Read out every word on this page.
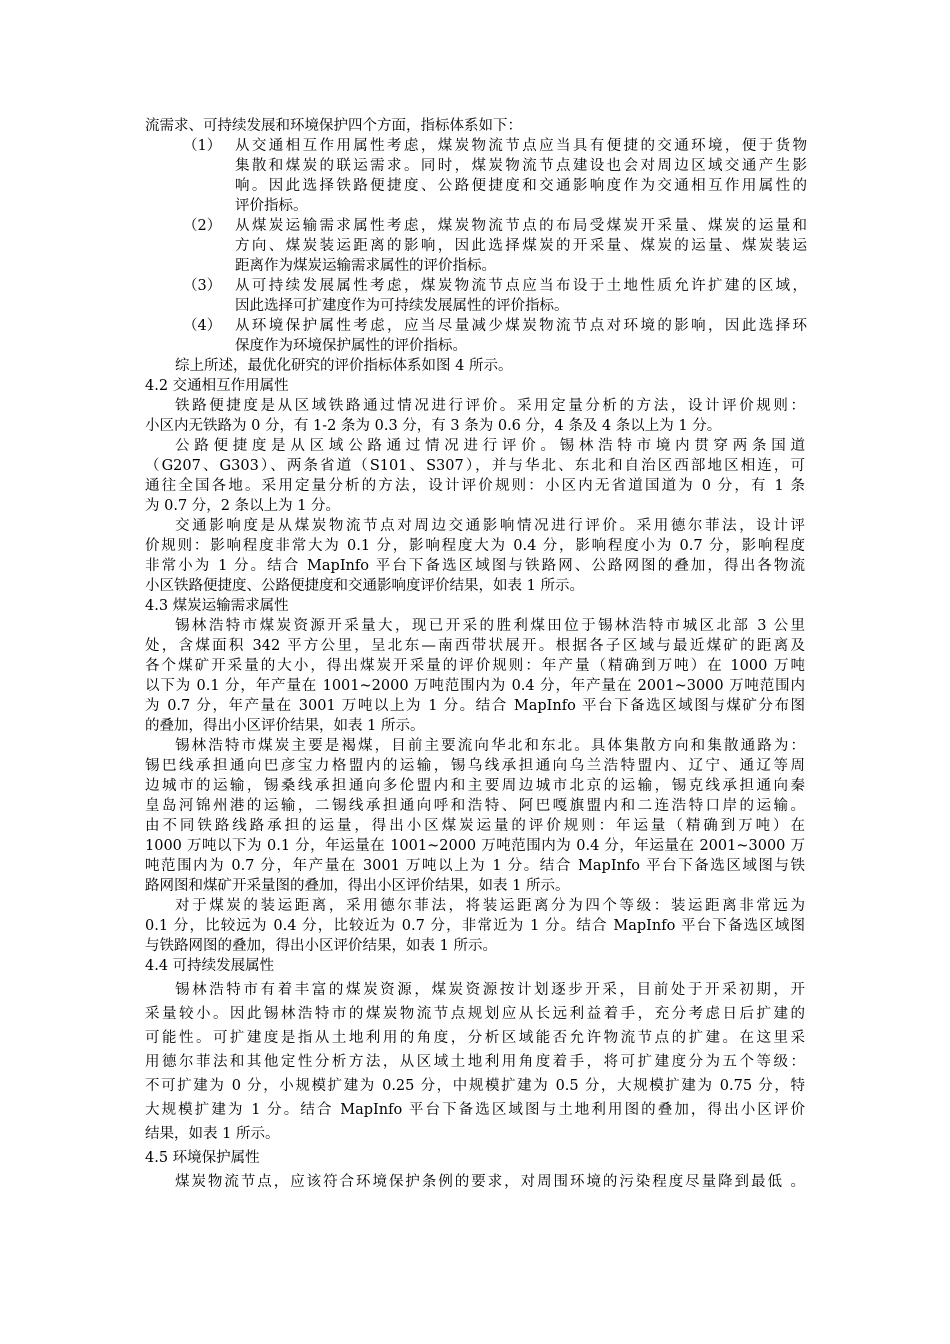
流需求、可持续发展和环境保护四个方面，指标体系如下：
从交通相互作用属性考虑，煤炭物流节点应当具有便捷的交通环境，便于货物
集散和煤炭的联运需求。同时，煤炭物流节点建设也会对周边区域交通产生影
响。因此选择铁路便捷度、公路便捷度和交通影响度作为交通相互作用属性的
评价指标。
从煤炭运输需求属性考虑，煤炭物流节点的布局受煤炭开采量、煤炭的运量和
方向、煤炭装运距离的影响，因此选择煤炭的开采量、煤炭的运量、煤炭装运
距离作为煤炭运输需求属性的评价指标。
从可持续发展属性考虑，煤炭物流节点应当布设于土地性质允许扩建的区域，
因此选择可扩建度作为可持续发展属性的评价指标。
从环境保护属性考虑，应当尽量减少煤炭物流节点对环境的影响，因此选择环
保度作为环境保护属性的评价指标。
综上所述，最优化研究的评价指标体系如图 4 所示。
4.2 交通相互作用属性
铁路便捷度是从区域铁路通过情况进行评价。采用定量分析的方法，设计评价规则：
小区内无铁路为 0 分，有 1-2 条为 0.3 分，有 3 条为 0.6 分，4 条及 4 条以上为 1 分。
公路便捷度是从区域公路通过情况进行评价。锡林浩特市境内贯穿两条国道
（G207、G303）、两条省道（S101、S307），并与华北、东北和自治区西部地区相连，可
通往全国各地。采用定量分析的方法，设计评价规则：小区内无省道国道为 0 分，有 1 条
为 0.7 分，2 条以上为 1 分。
交通影响度是从煤炭物流节点对周边交通影响情况进行评价。采用德尔菲法，设计评
价规则：影响程度非常大为 0.1 分，影响程度大为 0.4 分，影响程度小为 0.7 分，影响程度
非常小为 1 分。结合 MapInfo 平台下备选区域图与铁路网、公路网图的叠加，得出各物流
小区铁路便捷度、公路便捷度和交通影响度评价结果，如表 1 所示。
4.3 煤炭运输需求属性
锡林浩特市煤炭资源开采量大，现已开采的胜利煤田位于锡林浩特市城区北部 3 公里
处，含煤面积 342 平方公里，呈北东—南西带状展开。根据各子区域与最近煤矿的距离及
各个煤矿开采量的大小，得出煤炭开采量的评价规则：年产量（精确到万吨）在 1000 万吨
以下为 0.1 分，年产量在 1001~2000 万吨范围内为 0.4 分，年产量在 2001~3000 万吨范围内
为 0.7 分，年产量在 3001 万吨以上为 1 分。结合 MapInfo 平台下备选区域图与煤矿分布图
的叠加，得出小区评价结果，如表 1 所示。
锡林浩特市煤炭主要是褐煤，目前主要流向华北和东北。具体集散方向和集散通路为：
锡巴线承担通向巴彦宝力格盟内的运输，锡乌线承担通向乌兰浩特盟内、辽宁、通辽等周
边城市的运输，锡桑线承担通向多伦盟内和主要周边城市北京的运输，锡克线承担通向秦
皇岛河锦州港的运输，二锡线承担通向呼和浩特、阿巴嘎旗盟内和二连浩特口岸的运输。
由不同铁路线路承担的运量，得出小区煤炭运量的评价规则：年运量（精确到万吨）在
1000 万吨以下为 0.1 分，年运量在 1001~2000 万吨范围内为 0.4 分，年运量在 2001~3000 万
吨范围内为 0.7 分，年产量在 3001 万吨以上为 1 分。结合 MapInfo 平台下备选区域图与铁
路网图和煤矿开采量图的叠加，得出小区评价结果，如表 1 所示。
对于煤炭的装运距离，采用德尔菲法，将装运距离分为四个等级：装运距离非常远为
0.1 分，比较远为 0.4 分，比较近为 0.7 分，非常近为 1 分。结合 MapInfo 平台下备选区域图
与铁路网图的叠加，得出小区评价结果，如表 1 所示。
4.4 可持续发展属性
锡林浩特市有着丰富的煤炭资源，煤炭资源按计划逐步开采，目前处于开采初期，开
采量较小。因此锡林浩特市的煤炭物流节点规划应从长远利益着手，充分考虑日后扩建的
可能性。可扩建度是指从土地利用的角度，分析区域能否允许物流节点的扩建。在这里采
用德尔菲法和其他定性分析方法，从区域土地利用角度着手，将可扩建度分为五个等级：
不可扩建为 0 分，小规模扩建为 0.25 分，中规模扩建为 0.5 分，大规模扩建为 0.75 分，特
大规模扩建为 1 分。结合 MapInfo 平台下备选区域图与土地利用图的叠加，得出小区评价
结果，如表 1 所示。
4.5 环境保护属性
煤炭物流节点，应该符合环境保护条例的要求，对周围环境的污染程度尽量降到最低 。
（1）
（2）
（3）
（4）
